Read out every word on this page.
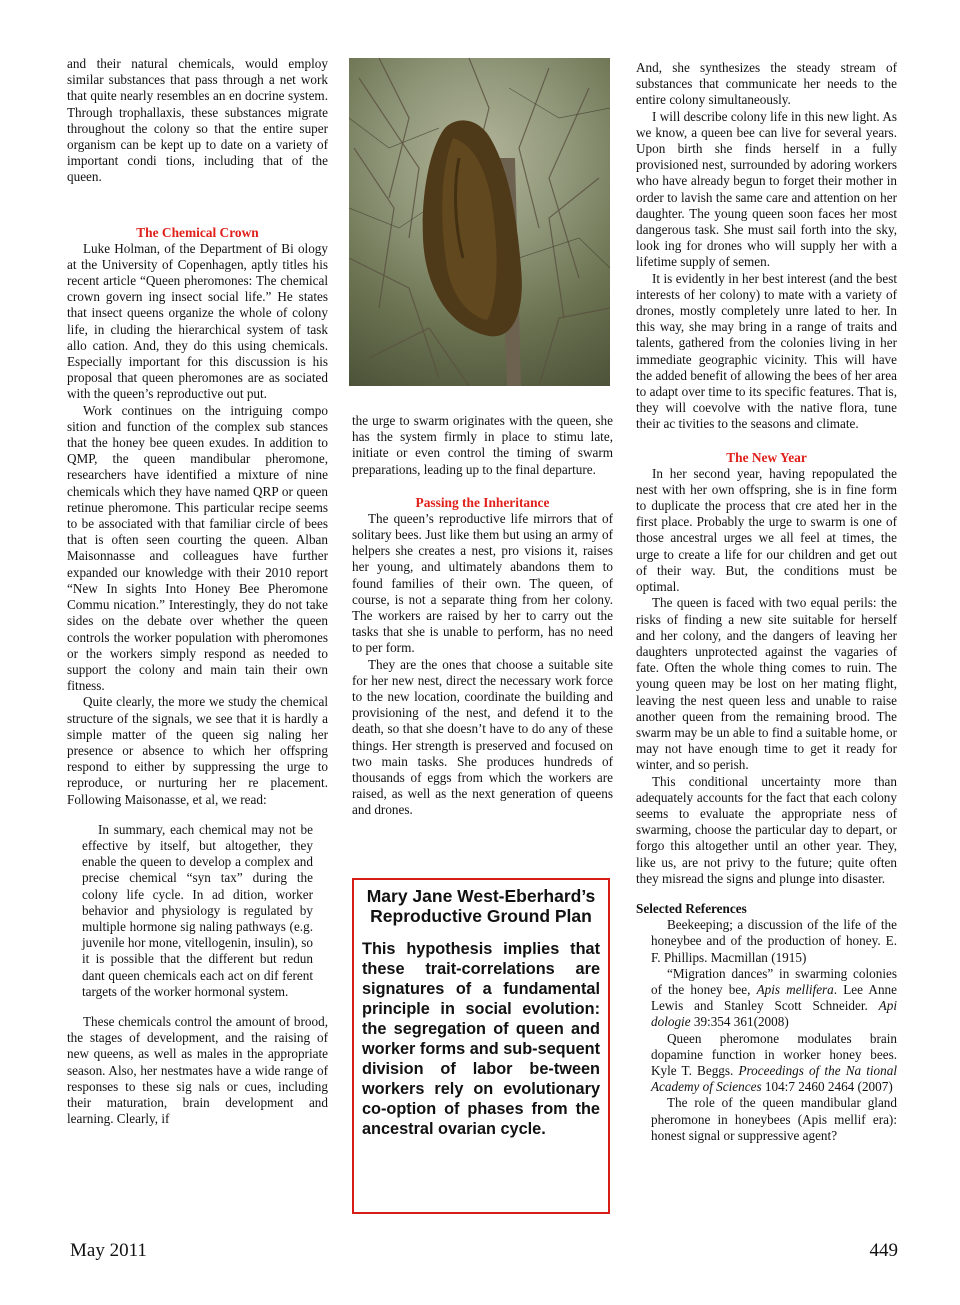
and their natural chemicals, would employ similar substances that pass through a net work that quite nearly resembles an en docrine system. Through trophallaxis, these substances migrate throughout the colony so that the entire super organism can be kept up to date on a variety of important condi tions, including that of the queen.

The Chemical Crown

Luke Holman, of the Department of Bi ology at the University of Copenhagen, aptly titles his recent article “Queen pheromones: The chemical crown govern ing insect social life.” He states that insect queens organize the whole of colony life, in cluding the hierarchical system of task allo cation. And, they do this using chemicals. Especially important for this discussion is his proposal that queen pheromones are as sociated with the queen’s reproductive out put.

Work continues on the intriguing compo sition and function of the complex sub stances that the honey bee queen exudes. In addition to QMP, the queen mandibular pheromone, researchers have identified a mixture of nine chemicals which they have named QRP or queen retinue pheromone. This particular recipe seems to be associated with that familiar circle of bees that is often seen courting the queen. Alban Maisonnasse and colleagues have further expanded our knowledge with their 2010 report “New In sights Into Honey Bee Pheromone Commu nication.” Interestingly, they do not take sides on the debate over whether the queen controls the worker population with pheromones or the workers simply respond as needed to support the colony and main tain their own fitness.

Quite clearly, the more we study the chemical structure of the signals, we see that it is hardly a simple matter of the queen sig naling her presence or absence to which her offspring respond to either by suppressing the urge to reproduce, or nurturing her re placement. Following Maisonasse, et al, we read:

In summary, each chemical may not be effective by itself, but altogether, they enable the queen to develop a complex and precise chemical “syn tax” during the colony life cycle. In ad dition, worker behavior and physiology is regulated by multiple hormone sig naling pathways (e.g. juvenile hor mone, vitellogenin, insulin), so it is possible that the different but redun dant queen chemicals each act on dif ferent targets of the worker hormonal system.

These chemicals control the amount of brood, the stages of development, and the raising of new queens, as well as males in the appropriate season. Also, her nestmates have a wide range of responses to these sig nals or cues, including their maturation, brain development and learning. Clearly, if

the urge to swarm originates with the queen, she has the system firmly in place to stimu late, initiate or even control the timing of swarm preparations, leading up to the final departure.

Passing the Inheritance

The queen’s reproductive life mirrors that of solitary bees. Just like them but using an army of helpers she creates a nest, pro visions it, raises her young, and ultimately abandons them to found families of their own. The queen, of course, is not a separate thing from her colony. The workers are raised by her to carry out the tasks that she is unable to perform, has no need to per form.

They are the ones that choose a suitable site for her new nest, direct the necessary work force to the new location, coordinate the building and provisioning of the nest, and defend it to the death, so that she doesn’t have to do any of these things. Her strength is preserved and focused on two main tasks. She produces hundreds of thousands of eggs from which the workers are raised, as well as the next generation of queens and drones.

Mary Jane West-Eberhard’s Reproductive Ground Plan
This hypothesis implies that these trait-correlations are signatures of a fundamental principle in social evolution: the segregation of queen and worker forms and sub-sequent division of labor be-tween workers rely on evolutionary co-option of phases from the ancestral ovarian cycle.

And, she synthesizes the steady stream of substances that communicate her needs to the entire colony simultaneously.

I will describe colony life in this new light. As we know, a queen bee can live for several years. Upon birth she finds herself in a fully provisioned nest, surrounded by adoring workers who have already begun to forget their mother in order to lavish the same care and attention on her daughter. The young queen soon faces her most dangerous task. She must sail forth into the sky, look ing for drones who will supply her with a lifetime supply of semen.

It is evidently in her best interest (and the best interests of her colony) to mate with a variety of drones, mostly completely unre lated to her. In this way, she may bring in a range of traits and talents, gathered from the colonies living in her immediate geographic vicinity. This will have the added benefit of allowing the bees of her area to adapt over time to its specific features. That is, they will coevolve with the native flora, tune their ac tivities to the seasons and climate.

The New Year

In her second year, having repopulated the nest with her own offspring, she is in fine form to duplicate the process that cre ated her in the first place. Probably the urge to swarm is one of those ancestral urges we all feel at times, the urge to create a life for our children and get out of their way. But, the conditions must be optimal.

The queen is faced with two equal perils: the risks of finding a new site suitable for herself and her colony, and the dangers of leaving her daughters unprotected against the vagaries of fate. Often the whole thing comes to ruin. The young queen may be lost on her mating flight, leaving the nest queen less and unable to raise another queen from the remaining brood. The swarm may be un able to find a suitable home, or may not have enough time to get it ready for winter, and so perish.

This conditional uncertainty more than adequately accounts for the fact that each colony seems to evaluate the appropriate ness of swarming, choose the particular day to depart, or forgo this altogether until an other year. They, like us, are not privy to the future; quite often they misread the signs and plunge into disaster.

Selected References

Beekeeping; a discussion of the life of the honeybee and of the production of honey. E. F. Phillips. Macmillan (1915)

“Migration dances” in swarming colonies of the honey bee, Apis mellifera. Lee Anne Lewis and Stanley Scott Schneider. Api dologie 39:354 361(2008)

Queen pheromone modulates brain dopamine function in worker honey bees. Kyle T. Beggs. Proceedings of the Na tional Academy of Sciences 104:7 2460 2464 (2007)

The role of the queen mandibular gland pheromone in honeybees (Apis mellif era): honest signal or suppressive agent?

May 2011	449
